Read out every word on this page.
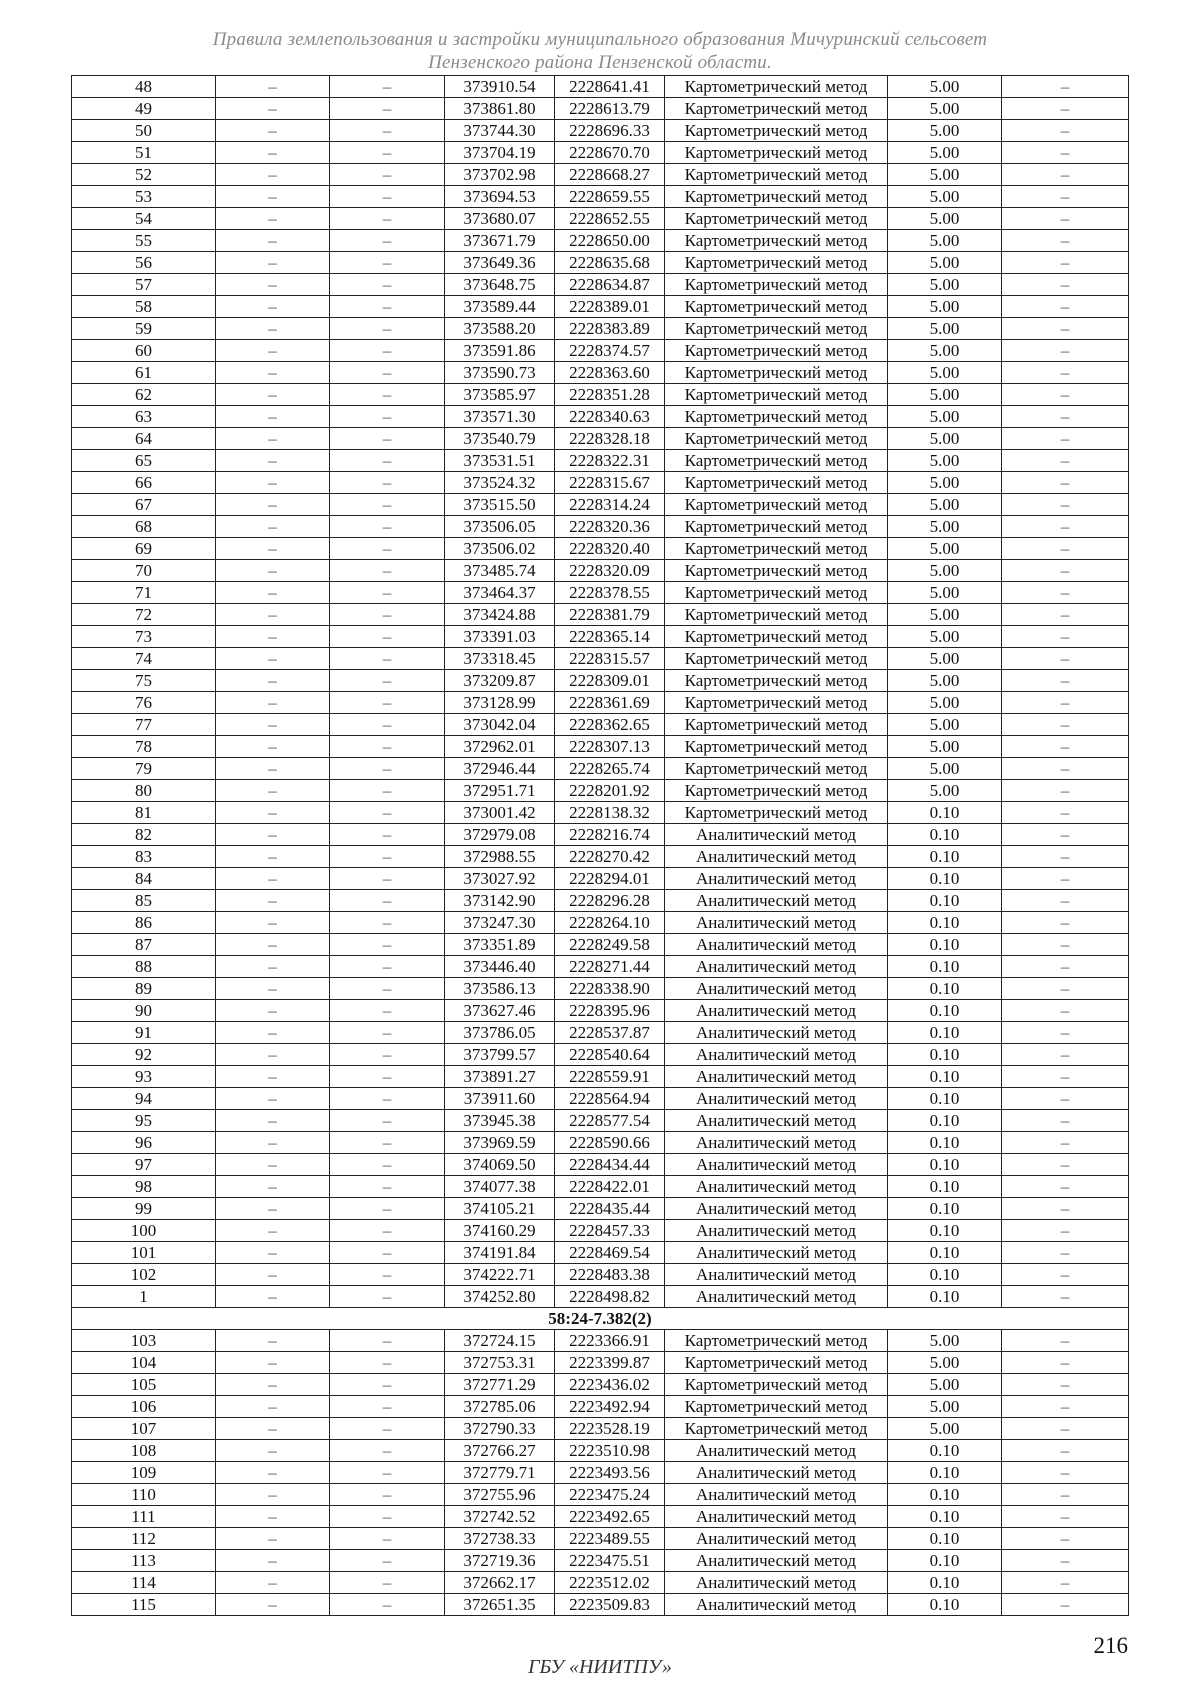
Правила землепользования и застройки муниципального образования Мичуринский сельсовет
Пензенского района Пензенской области.
48	–	–	373910.54	2228641.41	Картометрический метод	5.00	–
49	–	–	373861.80	2228613.79	Картометрический метод	5.00	–
50	–	–	373744.30	2228696.33	Картометрический метод	5.00	–
51	–	–	373704.19	2228670.70	Картометрический метод	5.00	–
52	–	–	373702.98	2228668.27	Картометрический метод	5.00	–
53	–	–	373694.53	2228659.55	Картометрический метод	5.00	–
54	–	–	373680.07	2228652.55	Картометрический метод	5.00	–
55	–	–	373671.79	2228650.00	Картометрический метод	5.00	–
56	–	–	373649.36	2228635.68	Картометрический метод	5.00	–
57	–	–	373648.75	2228634.87	Картометрический метод	5.00	–
58	–	–	373589.44	2228389.01	Картометрический метод	5.00	–
59	–	–	373588.20	2228383.89	Картометрический метод	5.00	–
60	–	–	373591.86	2228374.57	Картометрический метод	5.00	–
61	–	–	373590.73	2228363.60	Картометрический метод	5.00	–
62	–	–	373585.97	2228351.28	Картометрический метод	5.00	–
63	–	–	373571.30	2228340.63	Картометрический метод	5.00	–
64	–	–	373540.79	2228328.18	Картометрический метод	5.00	–
65	–	–	373531.51	2228322.31	Картометрический метод	5.00	–
66	–	–	373524.32	2228315.67	Картометрический метод	5.00	–
67	–	–	373515.50	2228314.24	Картометрический метод	5.00	–
68	–	–	373506.05	2228320.36	Картометрический метод	5.00	–
69	–	–	373506.02	2228320.40	Картометрический метод	5.00	–
70	–	–	373485.74	2228320.09	Картометрический метод	5.00	–
71	–	–	373464.37	2228378.55	Картометрический метод	5.00	–
72	–	–	373424.88	2228381.79	Картометрический метод	5.00	–
73	–	–	373391.03	2228365.14	Картометрический метод	5.00	–
74	–	–	373318.45	2228315.57	Картометрический метод	5.00	–
75	–	–	373209.87	2228309.01	Картометрический метод	5.00	–
76	–	–	373128.99	2228361.69	Картометрический метод	5.00	–
77	–	–	373042.04	2228362.65	Картометрический метод	5.00	–
78	–	–	372962.01	2228307.13	Картометрический метод	5.00	–
79	–	–	372946.44	2228265.74	Картометрический метод	5.00	–
80	–	–	372951.71	2228201.92	Картометрический метод	5.00	–
81	–	–	373001.42	2228138.32	Картометрический метод	0.10	–
82	–	–	372979.08	2228216.74	Аналитический метод	0.10	–
83	–	–	372988.55	2228270.42	Аналитический метод	0.10	–
84	–	–	373027.92	2228294.01	Аналитический метод	0.10	–
85	–	–	373142.90	2228296.28	Аналитический метод	0.10	–
86	–	–	373247.30	2228264.10	Аналитический метод	0.10	–
87	–	–	373351.89	2228249.58	Аналитический метод	0.10	–
88	–	–	373446.40	2228271.44	Аналитический метод	0.10	–
89	–	–	373586.13	2228338.90	Аналитический метод	0.10	–
90	–	–	373627.46	2228395.96	Аналитический метод	0.10	–
91	–	–	373786.05	2228537.87	Аналитический метод	0.10	–
92	–	–	373799.57	2228540.64	Аналитический метод	0.10	–
93	–	–	373891.27	2228559.91	Аналитический метод	0.10	–
94	–	–	373911.60	2228564.94	Аналитический метод	0.10	–
95	–	–	373945.38	2228577.54	Аналитический метод	0.10	–
96	–	–	373969.59	2228590.66	Аналитический метод	0.10	–
97	–	–	374069.50	2228434.44	Аналитический метод	0.10	–
98	–	–	374077.38	2228422.01	Аналитический метод	0.10	–
99	–	–	374105.21	2228435.44	Аналитический метод	0.10	–
100	–	–	374160.29	2228457.33	Аналитический метод	0.10	–
101	–	–	374191.84	2228469.54	Аналитический метод	0.10	–
102	–	–	374222.71	2228483.38	Аналитический метод	0.10	–
1	–	–	374252.80	2228498.82	Аналитический метод	0.10	–
58:24-7.382(2)							
103	–	–	372724.15	2223366.91	Картометрический метод	5.00	–
104	–	–	372753.31	2223399.87	Картометрический метод	5.00	–
105	–	–	372771.29	2223436.02	Картометрический метод	5.00	–
106	–	–	372785.06	2223492.94	Картометрический метод	5.00	–
107	–	–	372790.33	2223528.19	Картометрический метод	5.00	–
108	–	–	372766.27	2223510.98	Аналитический метод	0.10	–
109	–	–	372779.71	2223493.56	Аналитический метод	0.10	–
110	–	–	372755.96	2223475.24	Аналитический метод	0.10	–
111	–	–	372742.52	2223492.65	Аналитический метод	0.10	–
112	–	–	372738.33	2223489.55	Аналитический метод	0.10	–
113	–	–	372719.36	2223475.51	Аналитический метод	0.10	–
114	–	–	372662.17	2223512.02	Аналитический метод	0.10	–
115	–	–	372651.35	2223509.83	Аналитический метод	0.10	–
216
ГБУ «НИИТПУ»
